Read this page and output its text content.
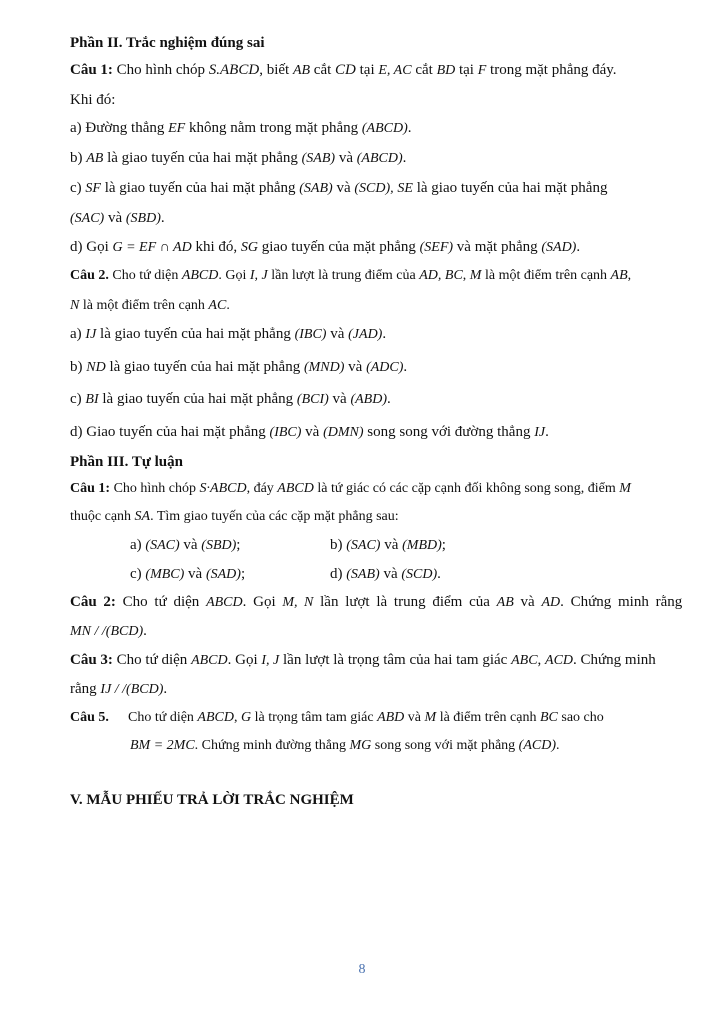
Phần II. Trắc nghiệm đúng sai
Câu 1: Cho hình chóp S.ABCD, biết AB cắt CD tại E, AC cắt BD tại F trong mặt phẳng đáy.
Khi đó:
a) Đường thẳng EF không nằm trong mặt phẳng (ABCD).
b) AB là giao tuyến của hai mặt phẳng (SAB) và (ABCD).
c) SF là giao tuyến của hai mặt phẳng (SAB) và (SCD), SE là giao tuyến của hai mặt phẳng
(SAC) và (SBD).
d) Gọi G = EF ∩ AD khi đó, SG giao tuyến của mặt phẳng (SEF) và mặt phẳng (SAD).
Câu 2. Cho tứ diện ABCD. Gọi I, J lần lượt là trung điểm của AD, BC, M là một điểm trên cạnh AB,
N là một điểm trên cạnh AC.
a) IJ là giao tuyến của hai mặt phẳng (IBC) và (JAD).
b) ND là giao tuyến của hai mặt phẳng (MND) và (ADC).
c) BI là giao tuyến của hai mặt phẳng (BCI) và (ABD).
d) Giao tuyến của hai mặt phẳng (IBC) và (DMN) song song với đường thẳng IJ.
Phần III. Tự luận
Câu 1: Cho hình chóp S·ABCD, đáy ABCD là tứ giác có các cặp cạnh đối không song song, điểm M
thuộc cạnh SA. Tìm giao tuyến của các cặp mặt phẳng sau:
a) (SAC) và (SBD);	b) (SAC) và (MBD);
c) (MBC) và (SAD);	d) (SAB) và (SCD).
Câu 2: Cho tứ diện ABCD. Gọi M, N lần lượt là trung điểm của AB và AD. Chứng minh rằng
MN / /(BCD).
Câu 3: Cho tứ diện ABCD. Gọi I, J lần lượt là trọng tâm của hai tam giác ABC, ACD. Chứng minh
rằng IJ / /(BCD).
Câu 5. Cho tứ diện ABCD, G là trọng tâm tam giác ABD và M là điểm trên cạnh BC sao cho
BM = 2MC. Chứng minh đường thẳng MG song song với mặt phẳng (ACD).
V. MẪU PHIẾU TRẢ LỜI TRẮC NGHIỆM
8
